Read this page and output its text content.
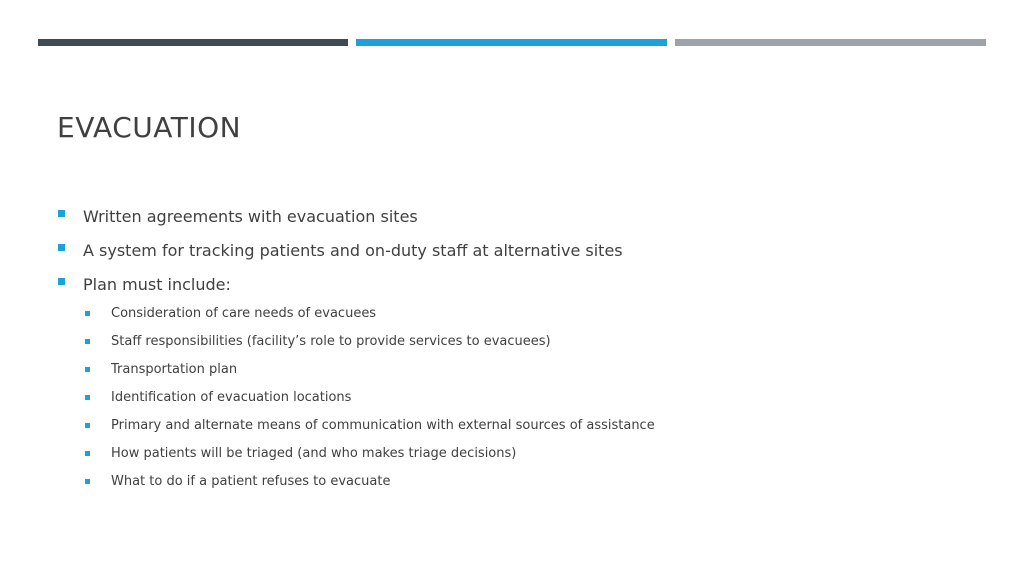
EVACUATION
Written agreements with evacuation sites
A system for tracking patients and on-duty staff at alternative sites
Plan must include:
Consideration of care needs of evacuees
Staff responsibilities (facility’s role to provide services to evacuees)
Transportation plan
Identification of evacuation locations
Primary and alternate means of communication with external sources of assistance
How patients will be triaged (and who makes triage decisions)
What to do if a patient refuses to evacuate
